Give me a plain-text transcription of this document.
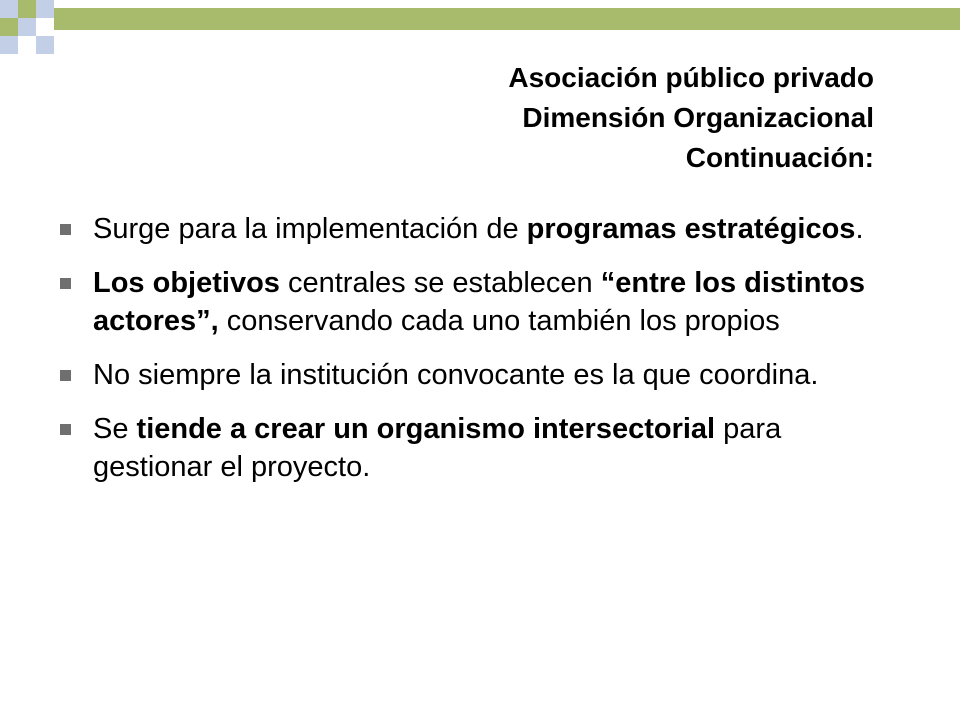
Asociación público privado
Dimensión Organizacional
Continuación:
Surge para la implementación de programas estratégicos.
Los objetivos centrales se establecen “entre los distintos actores”, conservando cada uno también los propios
No siempre la institución convocante es la que coordina.
Se tiende a crear un organismo intersectorial para gestionar el proyecto.
